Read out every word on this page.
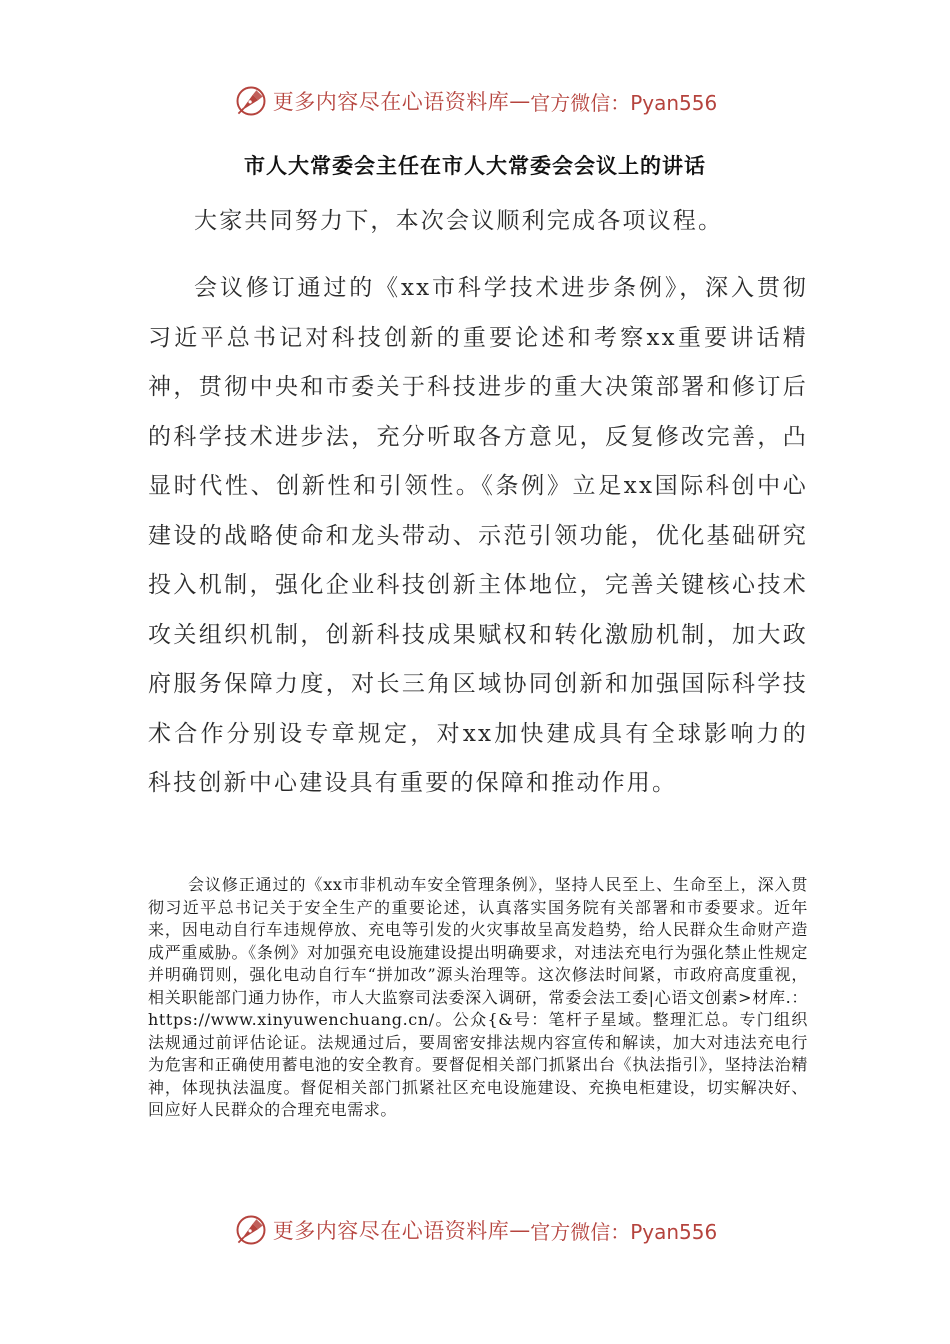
更多内容尽在心语资料库 — 官方微信：Pyan556
市人大常委会主任在市人大常委会会议上的讲话

大家共同努力下，本次会议顺利完成各项议程。

会议修订通过的《xx市科学技术进步条例》，深入贯彻习近平总书记对科技创新的重要论述和考察xx重要讲话精神，贯彻中央和市委关于科技进步的重大决策部署和修订后的科学技术进步法，充分听取各方意见，反复修改完善，凸显时代性、创新性和引领性。《条例》立足xx国际科创中心建设的战略使命和龙头带动、示范引领功能，优化基础研究投入机制，强化企业科技创新主体地位，完善关键核心技术攻关组织机制，创新科技成果赋权和转化激励机制，加大政府服务保障力度，对长三角区域协同创新和加强国际科学技术合作分别设专章规定，对xx加快建成具有全球影响力的科技创新中心建设具有重要的保障和推动作用。

会议修正通过的《xx市非机动车安全管理条例》，坚持人民至上、生命至上，深入贯彻习近平总书记关于安全生产的重要论述，认真落实国务院有关部署和市委要求。近年来，因电动自行车违规停放、充电等引发的火灾事故呈高发趋势，给人民群众生命财产造成严重威胁。《条例》对加强充电设施建设提出明确要求，对违法充电行为强化禁止性规定并明确罚则，强化电动自行车“拼加改”源头治理等。这次修法时间紧，市政府高度重视，相关职能部门通力协作，市人大监察司法委深入调研，常委会法工委|心语文创素>材库.：https://www.xinyuwenchuang.cn/。公众{&号：笔杆子星域。整理汇总。专门组织法规通过前评估论证。法规通过后，要周密安排法规内容宣传和解读，加大对违法充电行为危害和正确使用蓄电池的安全教育。要督促相关部门抓紧出台《执法指引》，坚持法治精神，体现执法温度。督促相关部门抓紧社区充电设施建设、充换电柜建设，切实解决好、回应好人民群众的合理充电需求。

更多内容尽在心语资料库 — 官方微信：Pyan556
